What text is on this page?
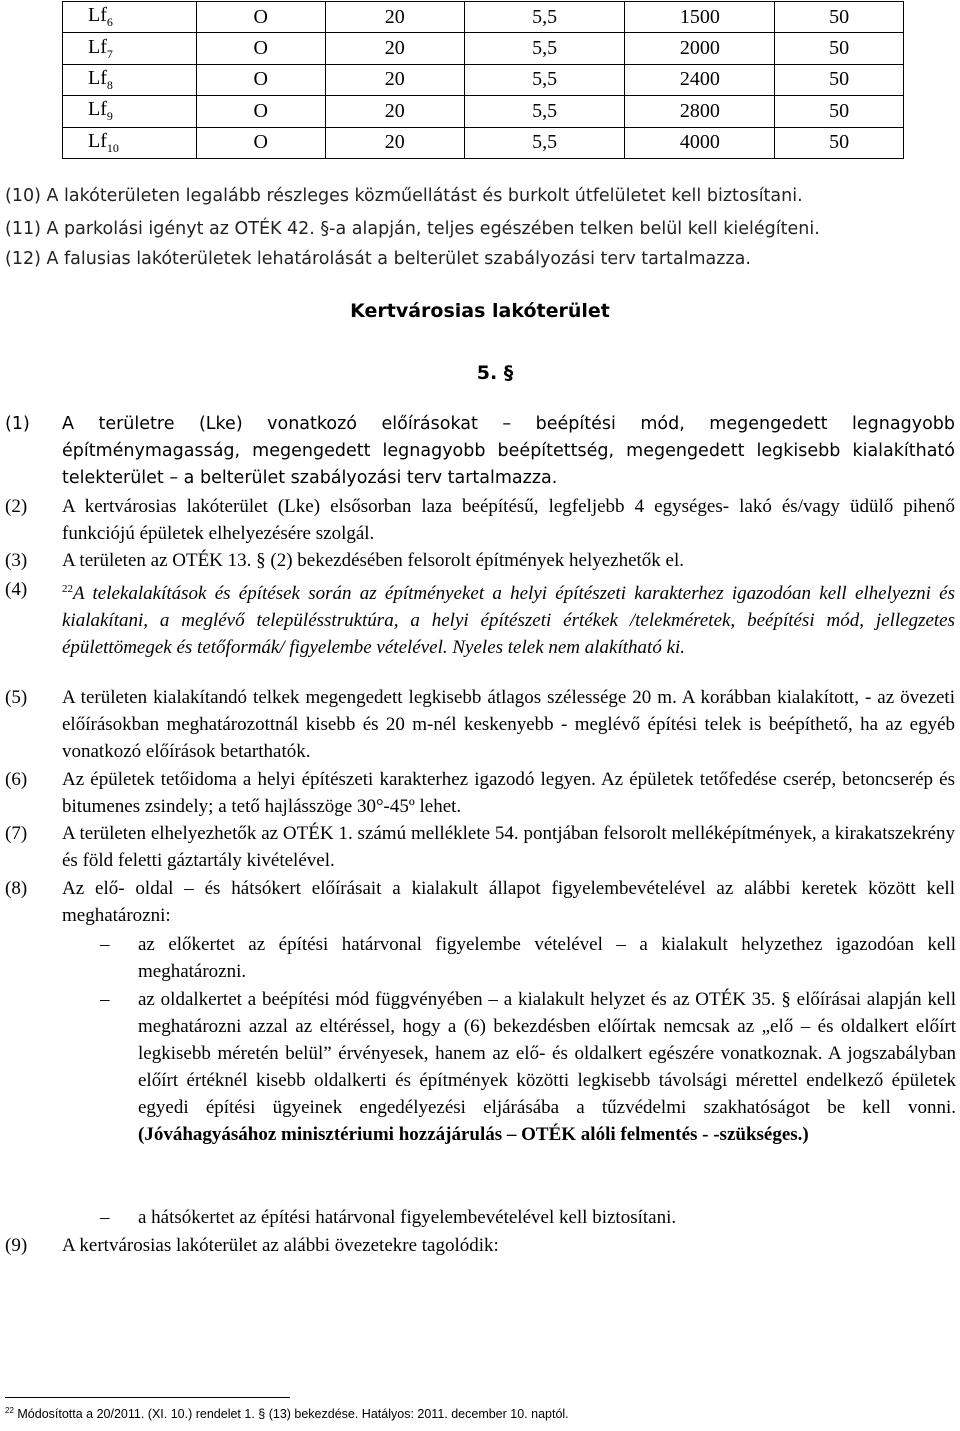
$Lf_6$	O	20	5,5	1500	50
$Lf_7$	O	20	5,5	2000	50
$Lf_8$	O	20	5,5	2400	50
$Lf_9$	O	20	5,5	2800	50
$Lf_{10}$	O	20	5,5	4000	50
(10) A lakóterületen legalább részleges közműellátást és burkolt útfelületet kell biztosítani.
(11) A parkolási igényt az OTÉK 42. §-a alapján, teljes egészében telken belül kell kielégíteni.
(12) A falusias lakóterületek lehatárolását a belterület szabályozási terv tartalmazza.
Kertvárosias lakóterület
5. §
(1) A területre (Lke) vonatkozó előírásokat – beépítési mód, megengedett legnagyobb építménymagasság, megengedett legnagyobb beépítettség, megengedett legkisebb kialakítható telekterület – a belterület szabályozási terv tartalmazza.
(2) A kertvárosias lakóterület (Lke) elsősorban laza beépítésű, legfeljebb 4 egységes- lakó és/vagy üdülő pihenő funkciójú épületek elhelyezésére szolgál.
(3) A területen az OTÉK 13. § (2) bekezdésében felsorolt építmények helyezhetők el.
(4)	$^{22}$A telekalakítások és építések során az építményeket a helyi építészeti karakterhez igazodóan kell elhelyezni és kialakítani, a meglévő településstruktúra, a helyi építészeti értékek /telekméretek, beépítési mód, jellegzetes épülettömegek és tetőformák/ figyelembe vételével. Nyeles telek nem alakítható ki.
(5) A területen kialakítandó telkek megengedett legkisebb átlagos szélessége 20 m. A korábban kialakított, - az övezeti előírásokban meghatározottnál kisebb és 20 m-nél keskenyebb - meglévő építési telek is beépíthető, ha az egyéb vonatkozó előírások betarthatók.
(6) Az épületek tetőidoma a helyi építészeti karakterhez igazodó legyen. Az épületek tetőfedése cserép, betoncserép és bitumenes zsindely; a tető hajlásszöge 30°-45º lehet.
(7) A területen elhelyezhetők az OTÉK 1. számú melléklete 54. pontjában felsorolt melléképítmények, a kirakatszekrény és föld feletti gáztartály kivételével.
(8) Az elő- oldal – és hátsókert előírásait a kialakult állapot figyelembevételével az alábbi keretek között kell meghatározni:
– az előkertet az építési határvonal figyelembe vételével – a kialakult helyzethez igazodóan kell meghatározni.
– az oldalkertet a beépítési mód függvényében – a kialakult helyzet és az OTÉK 35. § előírásai alapján kell meghatározni azzal az eltéréssel, hogy a (6) bekezdésben előírtak nemcsak az „elő – és oldalkert előírt legkisebb méretén belül” érvényesek, hanem az elő- és oldalkert egészére vonatkoznak. A jogszabályban előírt értéknél kisebb oldalkerti és építmények közötti legkisebb távolsági mérettel endelkező épületek egyedi építési ügyeinek engedélyezési eljárásába a tűzvédelmi szakhatóságot be kell vonni. (Jóváhagyásához minisztériumi hozzájárulás – OTÉK alóli felmentés - -szükséges.)
– a hátsókertet az építési határvonal figyelembevételével kell biztosítani.
(9) A kertvárosias lakóterület az alábbi övezetekre tagolódik:
$^{22}$ Módosította a 20/2011. (XI. 10.) rendelet 1. § (13) bekezdése. Hatályos: 2011. december 10. naptól.
